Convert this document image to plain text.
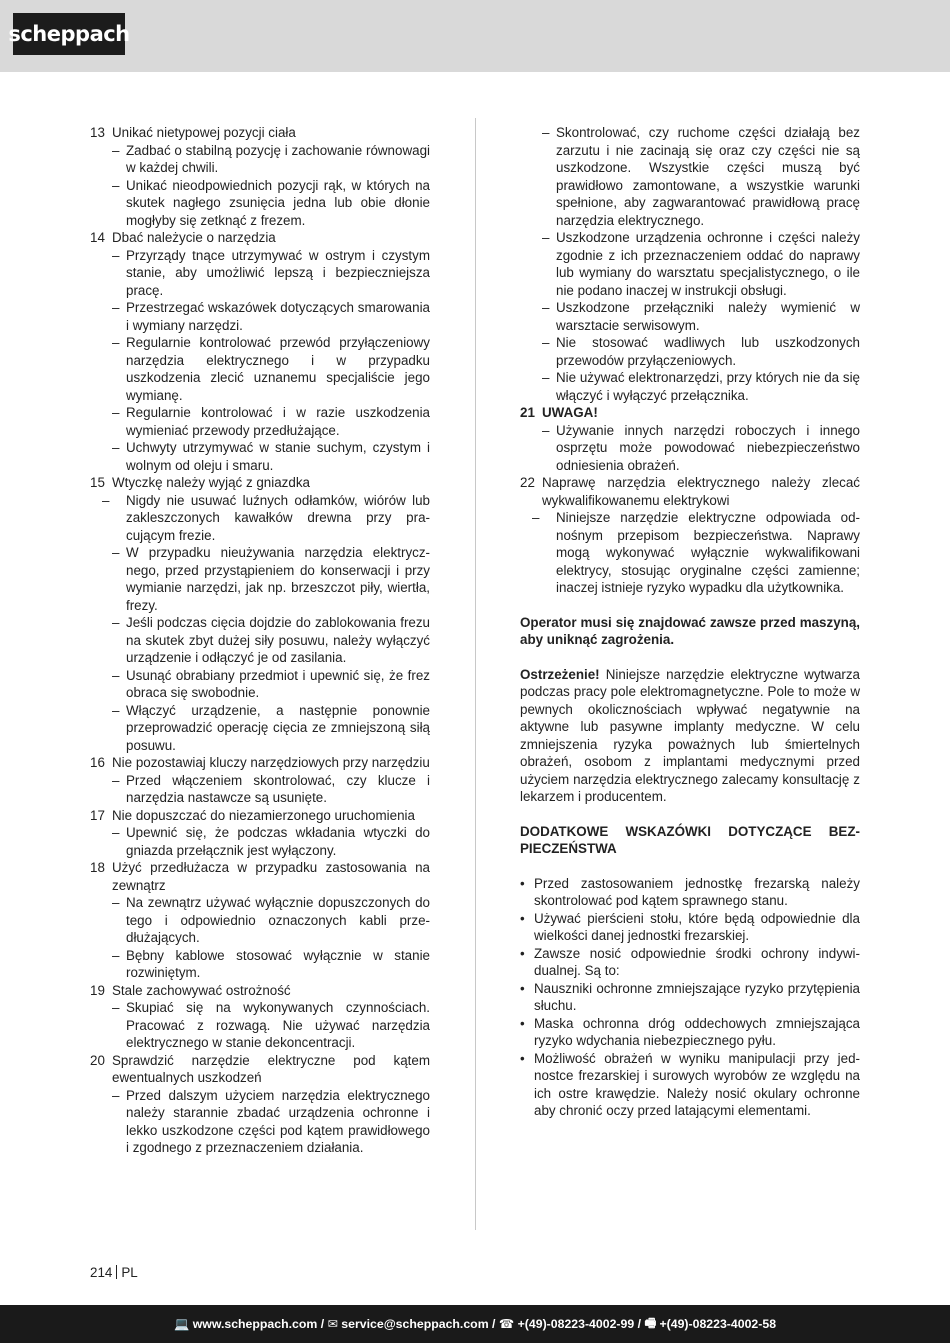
scheppach
13 Unikać nietypowej pozycji ciała
– Zadbać o stabilną pozycję i zachowanie równowagi w każdej chwili.
– Unikać nieodpowiednich pozycji rąk, w których na skutek nagłego zsunięcia jedna lub obie dłonie mogłyby się zetknąć z frezem.
14 Dbać należycie o narzędzia
– Przyrządy tnące utrzymywać w ostrym i czystym stanie, aby umożliwić lepszą i bezpieczniejsza pracę.
– Przestrzegać wskazówek dotyczących smarowania i wymiany narzędzi.
– Regularnie kontrolować przewód przyłączeniowy narzędzia elektrycznego i w przypadku uszkodzenia zlecić uznanemu specjaliście jego wymianę.
– Regularnie kontrolować i w razie uszkodzenia wymieniać przewody przedłużające.
– Uchwyty utrzymywać w stanie suchym, czystym i wolnym od oleju i smaru.
15 Wtyczkę należy wyjąć z gniazdka
– Nigdy nie usuwać luźnych odłamków, wiórów lub zakleszczonych kawałków drewna przy pracującym frezie.
– W przypadku nieużywania narzędzia elektrycznego, przed przystąpieniem do konserwacji i przy wymianie narzędzi, jak np. brzeszczot piły, wiertła, frezy.
– Jeśli podczas cięcia dojdzie do zablokowania frezu na skutek zbyt dużej siły posuwu, należy wyłączyć urządzenie i odłączyć je od zasilania.
– Usunąć obrabiany przedmiot i upewnić się, że frez obraca się swobodnie.
– Włączyć urządzenie, a następnie ponownie przeprowadzić operację cięcia ze zmniejszoną siłą posuwu.
16 Nie pozostawiaj kluczy narzędziowych przy narzędziu
– Przed włączeniem skontrolować, czy klucze i narzędzia nastawcze są usunięte.
17 Nie dopuszczać do niezamierzonego uruchomienia
– Upewnić się, że podczas wkładania wtyczki do gniazda przełącznik jest wyłączony.
18 Użyć przedłużacza w przypadku zastosowania na zewnątrz
– Na zewnątrz używać wyłącznie dopuszczonych do tego i odpowiednio oznaczonych kabli przedłużających.
– Bębny kablowe stosować wyłącznie w stanie rozwiniętym.
19 Stale zachowywać ostrożność
– Skupiać się na wykonywanych czynnościach. Pracować z rozwagą. Nie używać narzędzia elektrycznego w stanie dekoncentracji.
20 Sprawdzić narzędzie elektryczne pod kątem ewentualnych uszkodzeń
– Przed dalszym użyciem narzędzia elektrycznego należy starannie zbadać urządzenia ochronne i lekko uszkodzone części pod kątem prawidłowego i zgodnego z przeznaczeniem działania.
– Skontrolować, czy ruchome części działają bez zarzutu i nie zacinają się oraz czy części nie są uszkodzone. Wszystkie części muszą być prawidłowo zamontowane, a wszystkie warunki spełnione, aby zagwarantować prawidłową pracę narzędzia elektrycznego.
– Uszkodzone urządzenia ochronne i części należy zgodnie z ich przeznaczeniem oddać do naprawy lub wymiany do warsztatu specjalistycznego, o ile nie podano inaczej w instrukcji obsługi.
– Uszkodzone przełączniki należy wymienić w warsztacie serwisowym.
– Nie stosować wadliwych lub uszkodzonych przewodów przyłączeniowych.
– Nie używać elektronarzędzi, przy których nie da się włączyć i wyłączyć przełącznika.
21 UWAGA!
– Używanie innych narzędzi roboczych i innego osprzętu może powodować niebezpieczeństwo odniesienia obrażeń.
22 Naprawę narzędzia elektrycznego należy zlecać wykwalifikowanemu elektrykowi
– Niniejsze narzędzie elektryczne odpowiada odnośnym przepisom bezpieczeństwa. Naprawy mogą wykonywać wyłącznie wykwalifikowani elektrycy, stosując oryginalne części zamienne; inaczej istnieje ryzyko wypadku dla użytkownika.
Operator musi się znajdować zawsze przed maszyną, aby uniknąć zagrożenia.
Ostrzeżenie! Niniejsze narzędzie elektryczne wytwarza podczas pracy pole elektromagnetyczne. Pole to może w pewnych okolicznościach wpływać negatywnie na aktywne lub pasywne implanty medyczne. W celu zmniejszenia ryzyka poważnych lub śmiertelnych obrażeń, osobom z implantami medycznymi przed użyciem narzędzia elektrycznego zalecamy konsultację z lekarzem i producentem.
DODATKOWE WSKAZÓWKI DOTYCZĄCE BEZPIECZEŃSTWA
• Przed zastosowaniem jednostkę frezarską należy skontrolować pod kątem sprawnego stanu.
• Używać pierścieni stołu, które będą odpowiednie dla wielkości danej jednostki frezarskiej.
• Zawsze nosić odpowiednie środki ochrony indywidualnej. Są to:
• Nauszniki ochronne zmniejszające ryzyko przytępienia słuchu.
• Maska ochronna dróg oddechowych zmniejszająca ryzyko wdychania niebezpiecznego pyłu.
• Możliwość obrażeń w wyniku manipulacji przy jednostce frezarskiej i surowych wyrobów ze względu na ich ostre krawędzie. Należy nosić okulary ochronne aby chronić oczy przed latającymi elementami.
214 PL
💻 www.scheppach.com / ✉ service@scheppach.com / ☎ +(49)-08223-4002-99 / 🖷 +(49)-08223-4002-58
